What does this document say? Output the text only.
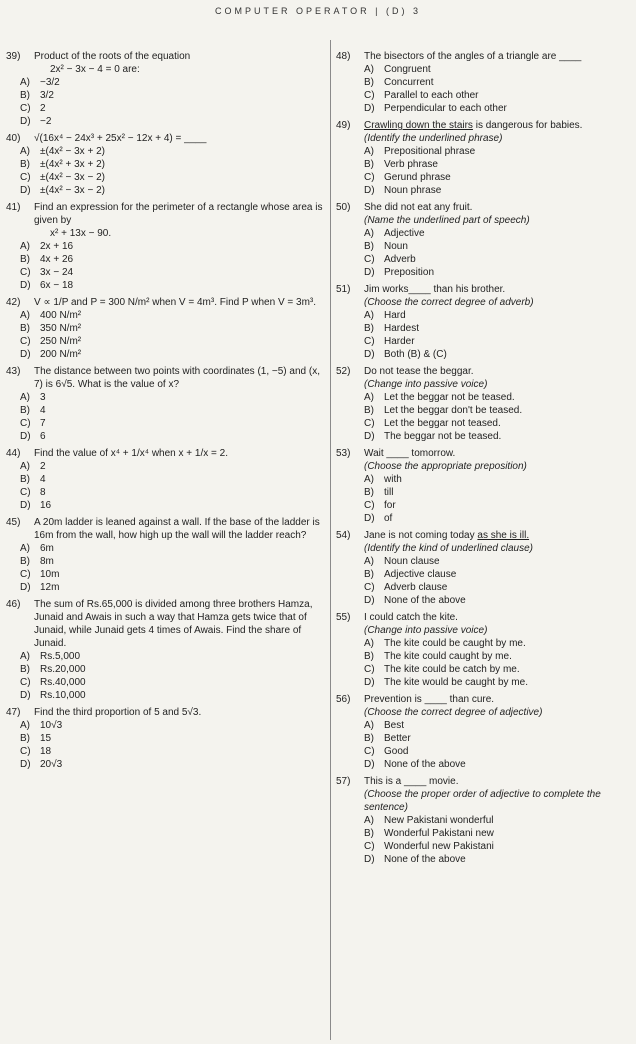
COMPUTER OPERATOR | (D) 3
39)	Product of the roots of the equation
2x² − 3x − 4 = 0 are:
A)	−3/2
B)	3/2
C) 2
D) −2
40)	√(16x⁴ − 24x³ + 25x² − 12x + 4) = ____
A)	±(4x² − 3x + 2)
B)	±(4x² + 3x + 2)
C) ±(4x² − 3x − 2)
D) ±(4x² − 3x − 2)
41)	Find an expression for the perimeter of a rectangle whose area is given by
x² + 13x − 90.
A)	2x + 16
B)	4x + 26
C) 3x − 24
D) 6x − 18
42)	V ∝ 1/P and P = 300 N/m² when V = 4m³. Find P when V = 3m³.
A)	400 N/m²
B)	350 N/m²
C) 250 N/m²
D) 200 N/m²
43)	The distance between two points with coordinates (1, −5) and (x, 7) is 6√5. What is the value of x?
A)	3
B)	4
C) 7
D) 6
44)	Find the value of x⁴ + 1/x⁴ when x + 1/x = 2.
A)	2
B)	4
C) 8
D) 16
45)	A 20m ladder is leaned against a wall. If the base of the ladder is 16m from the wall, how high up the wall will the ladder reach?
A)	6m
B)	8m
C) 10m
D) 12m
46)	The sum of Rs.65,000 is divided among three brothers Hamza, Junaid and Awais in such a way that Hamza gets twice that of Junaid, while Junaid gets 4 times of Awais. Find the share of Junaid.
A)	Rs.5,000
B)	Rs.20,000
C) Rs.40,000
D) Rs.10,000
47)	Find the third proportion of 5 and 5√3.
A)	10√3
B)	15
C) 18
D) 20√3
48)	The bisectors of the angles of a triangle are ____
A)	Congruent
B)	Concurrent
C) Parallel to each other
D) Perpendicular to each other
49)	Crawling down the stairs is dangerous for babies.
(Identify the underlined phrase)
A)	Prepositional phrase
B)	Verb phrase
C) Gerund phrase
D) Noun phrase
50)	She did not eat any fruit.
(Name the underlined part of speech)
A)	Adjective
B)	Noun
C) Adverb
D) Preposition
51)	Jim works____ than his brother.
(Choose the correct degree of adverb)
A)	Hard
B)	Hardest
C) Harder
D) Both (B) & (C)
52)	Do not tease the beggar.
(Change into passive voice)
A)	Let the beggar not be teased.
B)	Let the beggar don't be teased.
C) Let the beggar not teased.
D) The beggar not be teased.
53)	Wait ____ tomorrow.
(Choose the appropriate preposition)
A)	with
B)	till
C) for
D) of
54)	Jane is not coming today as she is ill.
(Identify the kind of underlined clause)
A)	Noun clause
B)	Adjective clause
C) Adverb clause
D) None of the above
55)	I could catch the kite.
(Change into passive voice)
A)	The kite could be caught by me.
B)	The kite could caught by me.
C) The kite could be catch by me.
D) The kite would be caught by me.
56)	Prevention is ____ than cure.
(Choose the correct degree of adjective)
A)	Best
B)	Better
C) Good
D) None of the above
57)	This is a ____ movie.
(Choose the proper order of adjective to complete the sentence)
A)	New Pakistani wonderful
B)	Wonderful Pakistani new
C) Wonderful new Pakistani
D) None of the above
